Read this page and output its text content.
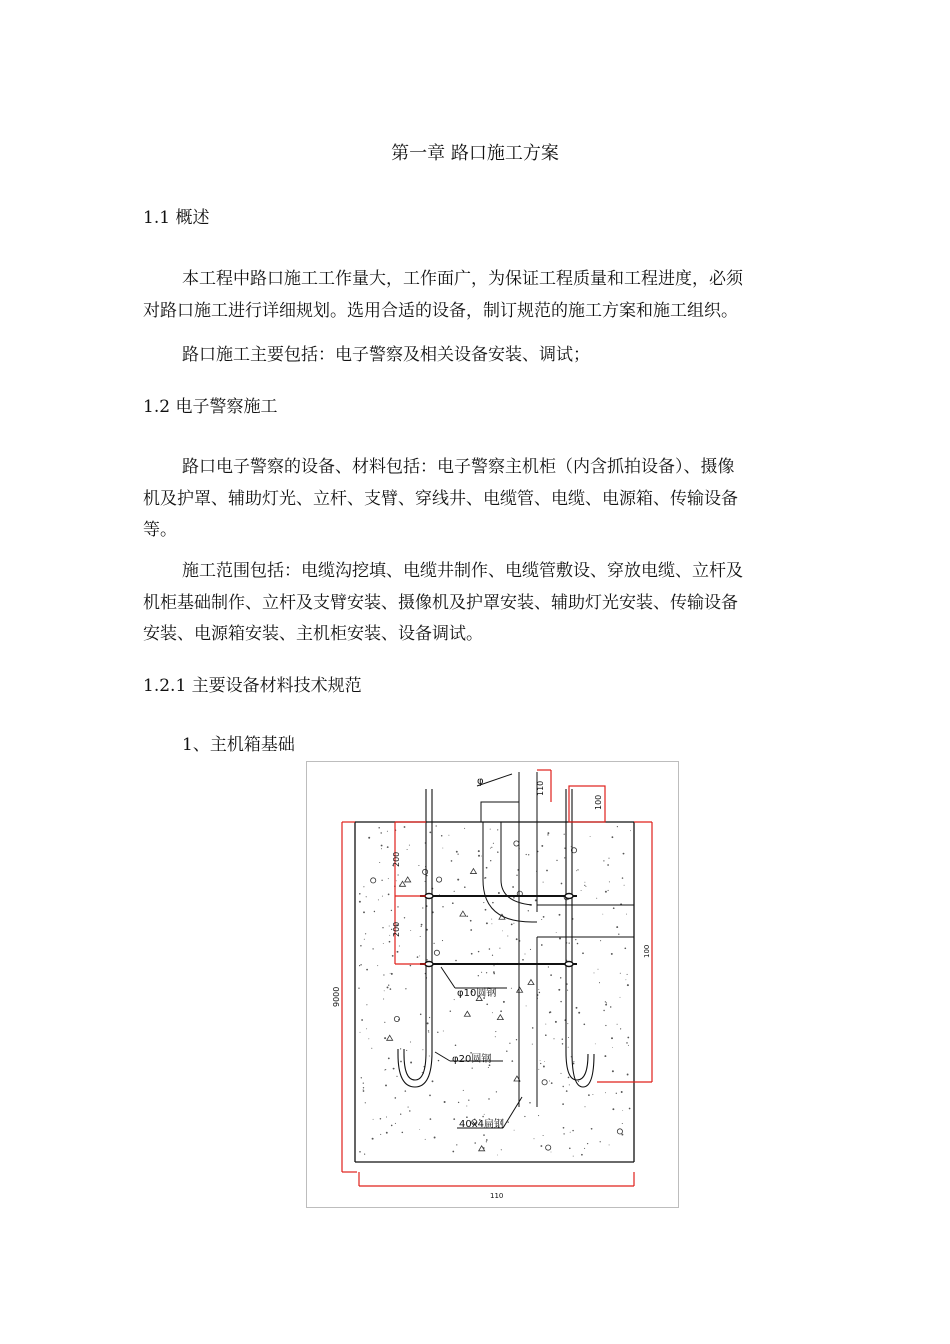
第一章 路口施工方案
1.1 概述
本工程中路口施工工作量大，工作面广，为保证工程质量和工程进度，必须
对路口施工进行详细规划。选用合适的设备，制订规范的施工方案和施工组织。
路口施工主要包括：电子警察及相关设备安装、调试；
1.2 电子警察施工
路口电子警察的设备、材料包括：电子警察主机柜（内含抓拍设备）、摄像
机及护罩、辅助灯光、立杆、支臂、穿线井、电缆管、电缆、电源箱、传输设备
等。
施工范围包括：电缆沟挖填、电缆井制作、电缆管敷设、穿放电缆、立杆及
机柜基础制作、立杆及支臂安装、摄像机及护罩安装、辅助灯光安装、传输设备
安装、电源箱安装、主机柜安装、设备调试。
1.2.1 主要设备材料技术规范
1、主机箱基础
φ	110
100
200
200
9000
100
110
φ10圆钢
φ20圆钢
40x4扁钢
